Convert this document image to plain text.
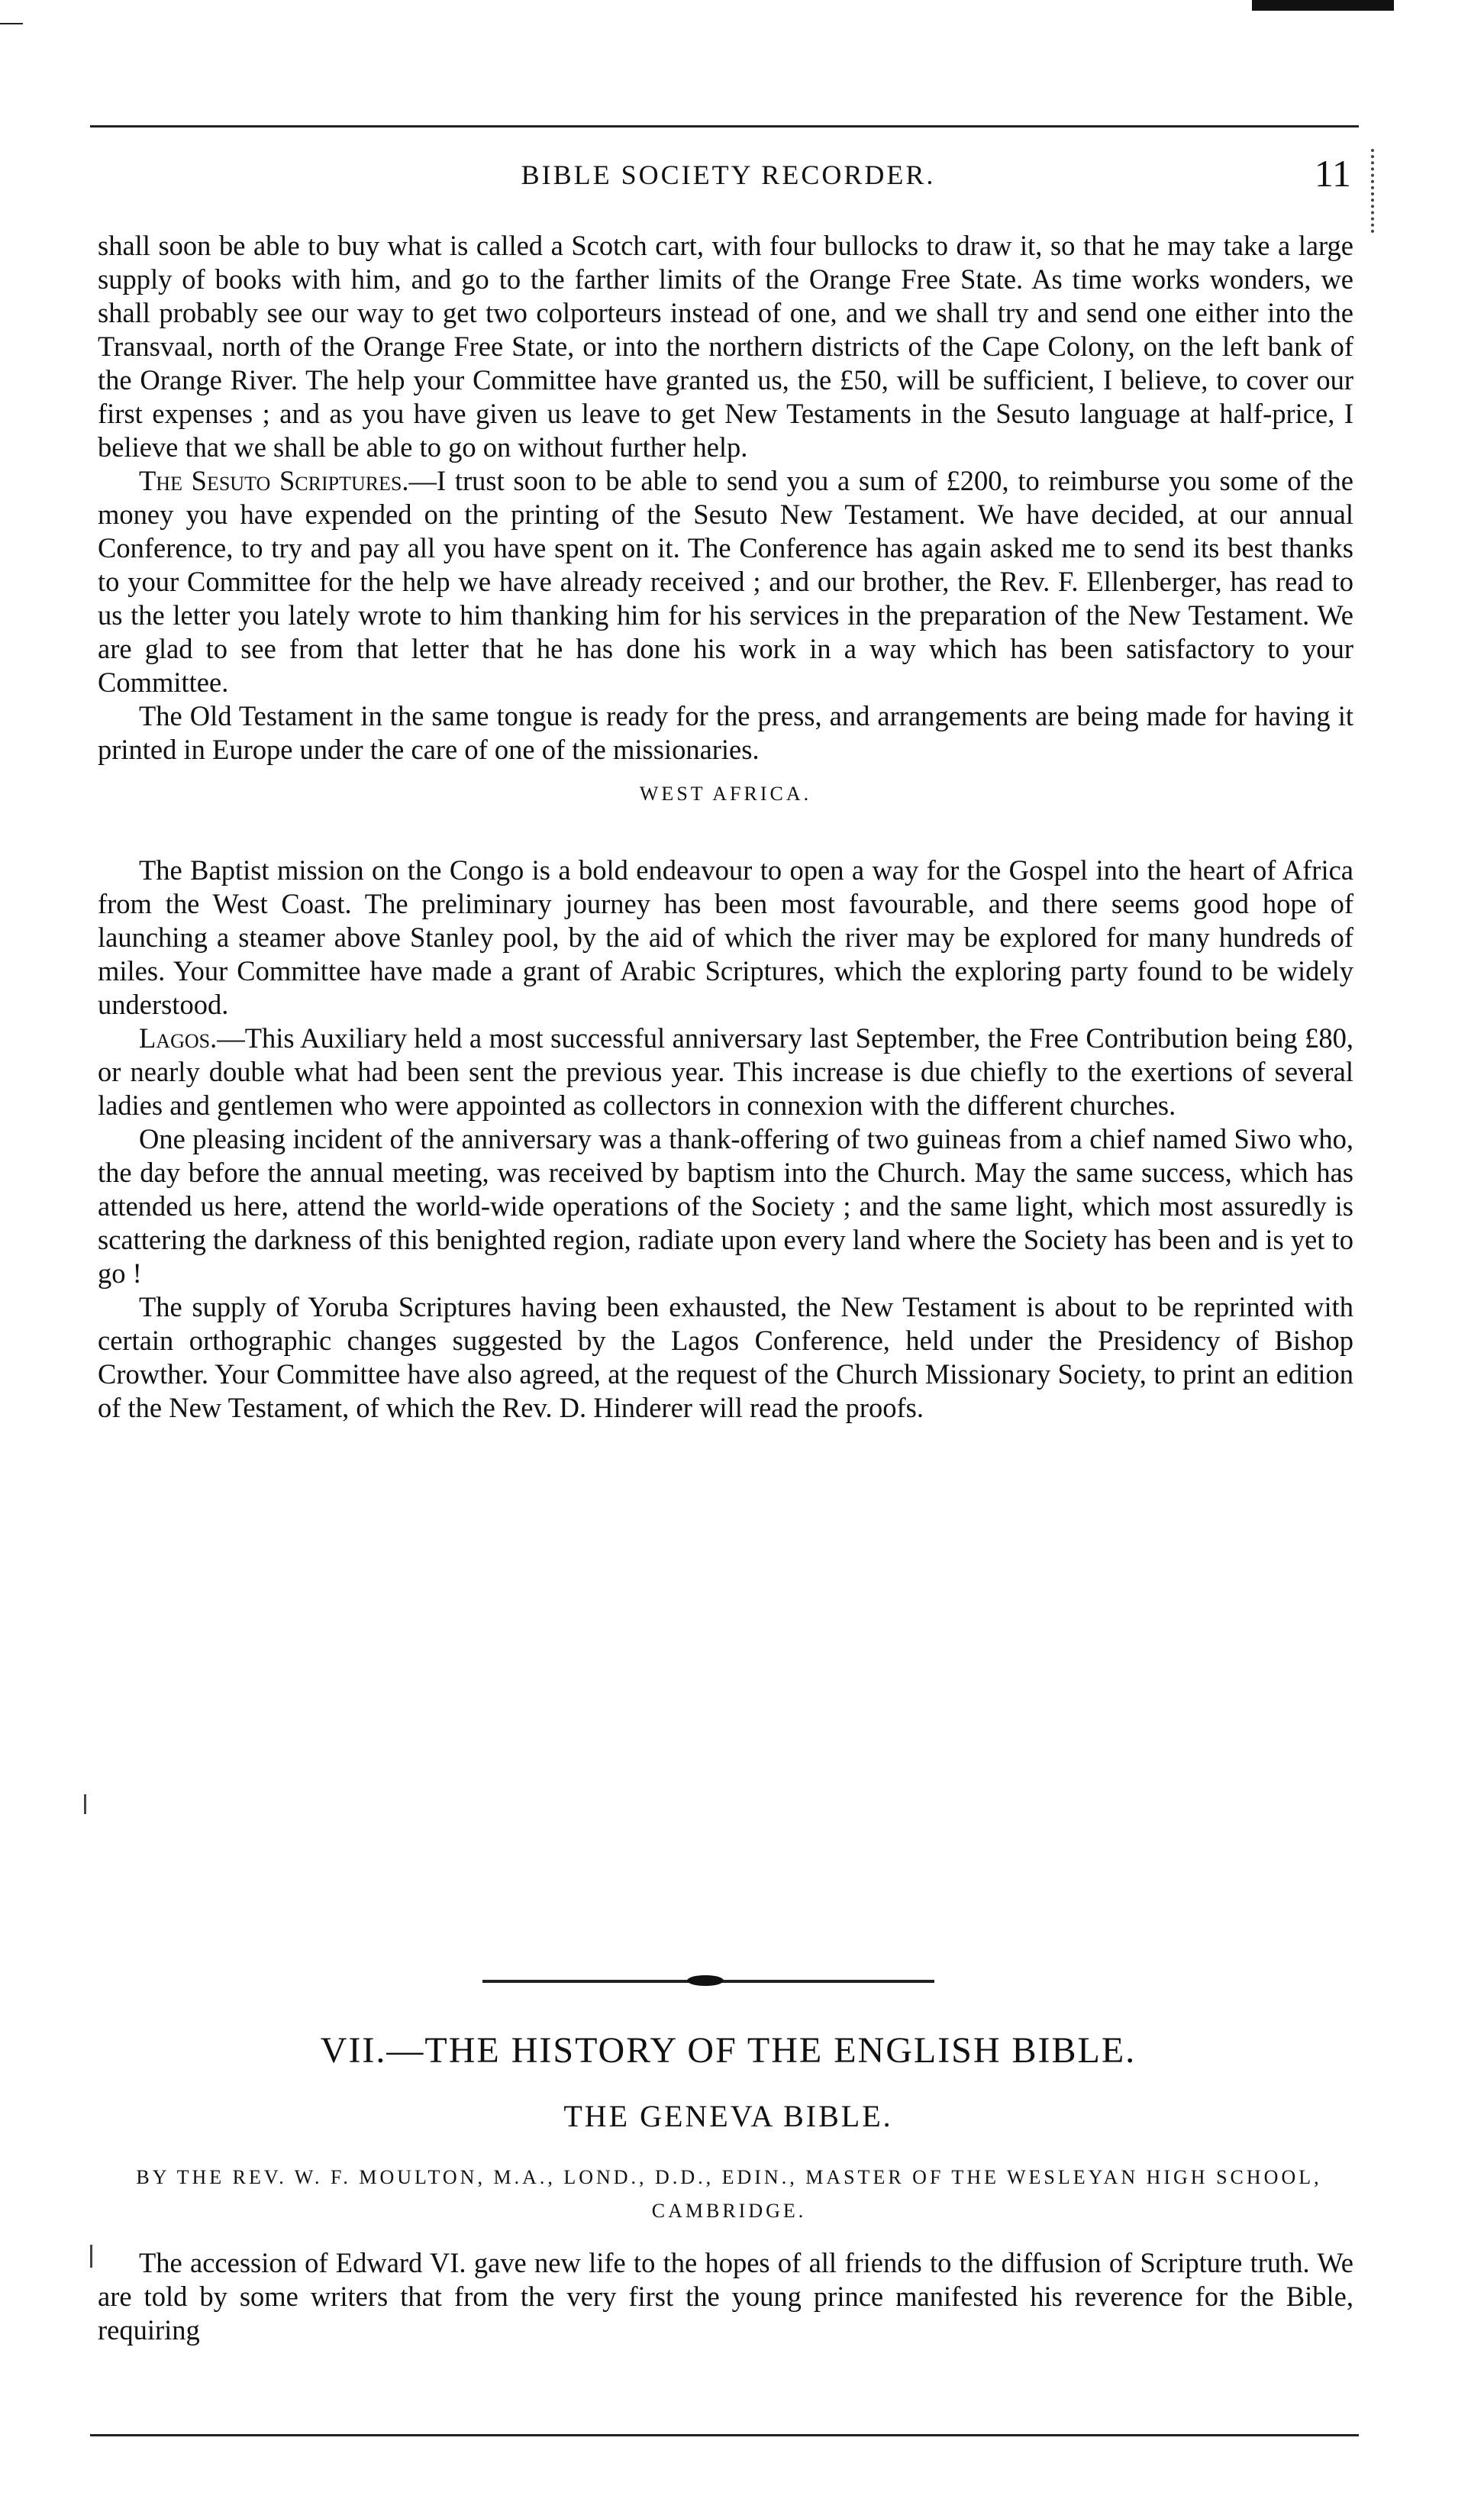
BIBLE SOCIETY RECORDER.	11

shall soon be able to buy what is called a Scotch cart, with four bullocks to draw it, so that he may take a large supply of books with him, and go to the farther limits of the Orange Free State. As time works wonders, we shall probably see our way to get two colporteurs instead of one, and we shall try and send one either into the Transvaal, north of the Orange Free State, or into the northern districts of the Cape Colony, on the left bank of the Orange River. The help your Committee have granted us, the £50, will be sufficient, I believe, to cover our first expenses ; and as you have given us leave to get New Testaments in the Sesuto language at half-price, I believe that we shall be able to go on without further help.

The Sesuto Scriptures.—I trust soon to be able to send you a sum of £200, to reimburse you some of the money you have expended on the printing of the Sesuto New Testament. We have decided, at our annual Conference, to try and pay all you have spent on it. The Conference has again asked me to send its best thanks to your Committee for the help we have already received ; and our brother, the Rev. F. Ellenberger, has read to us the letter you lately wrote to him thanking him for his services in the preparation of the New Testament. We are glad to see from that letter that he has done his work in a way which has been satisfactory to your Committee.

The Old Testament in the same tongue is ready for the press, and arrangements are being made for having it printed in Europe under the care of one of the missionaries.

WEST AFRICA.

The Baptist mission on the Congo is a bold endeavour to open a way for the Gospel into the heart of Africa from the West Coast. The preliminary journey has been most favourable, and there seems good hope of launching a steamer above Stanley pool, by the aid of which the river may be explored for many hundreds of miles. Your Committee have made a grant of Arabic Scriptures, which the exploring party found to be widely understood.

Lagos.—This Auxiliary held a most successful anniversary last September, the Free Contribution being £80, or nearly double what had been sent the previous year. This increase is due chiefly to the exertions of several ladies and gentlemen who were appointed as collectors in connexion with the different churches.

One pleasing incident of the anniversary was a thank-offering of two guineas from a chief named Siwo who, the day before the annual meeting, was received by baptism into the Church. May the same success, which has attended us here, attend the world-wide operations of the Society ; and the same light, which most assuredly is scattering the darkness of this benighted region, radiate upon every land where the Society has been and is yet to go !

The supply of Yoruba Scriptures having been exhausted, the New Testament is about to be reprinted with certain orthographic changes suggested by the Lagos Conference, held under the Presidency of Bishop Crowther. Your Committee have also agreed, at the request of the Church Missionary Society, to print an edition of the New Testament, of which the Rev. D. Hinderer will read the proofs.

VII.—THE HISTORY OF THE ENGLISH BIBLE.
THE GENEVA BIBLE.
BY THE REV. W. F. MOULTON, M.A., LOND., D.D., EDIN., MASTER OF THE WESLEYAN HIGH SCHOOL, CAMBRIDGE.

The accession of Edward VI. gave new life to the hopes of all friends to the diffusion of Scripture truth. We are told by some writers that from the very first the young prince manifested his reverence for the Bible, requiring
